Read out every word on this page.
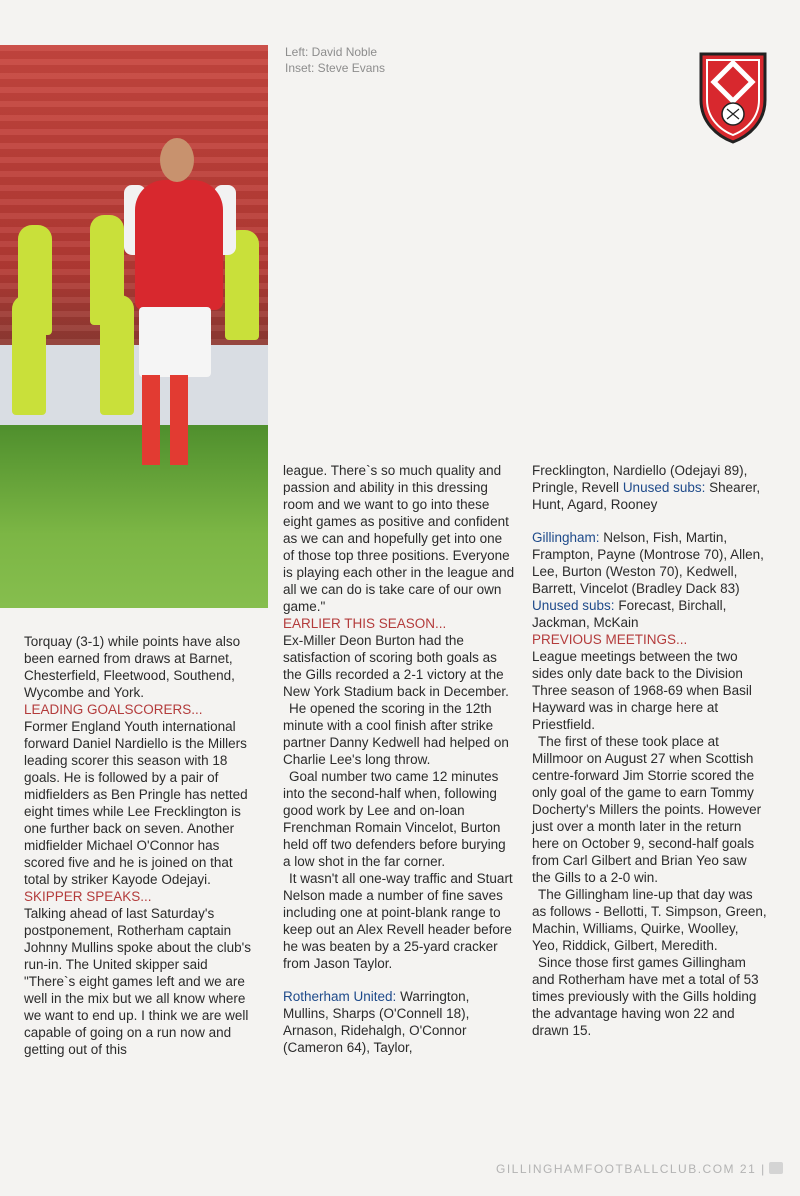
Left: David Noble
Inset: Steve Evans

league. There`s so much quality and passion and ability in this dressing room and we want to go into these eight games as positive and confident as we can and hopefully get into one of those top three positions. Everyone is playing each other in the league and all we can do is take care of our own game."

EARLIER THIS SEASON...

Ex-Miller Deon Burton had the satisfaction of scoring both goals as the Gills recorded a 2-1 victory at the New York Stadium back in December.

He opened the scoring in the 12th minute with a cool finish after strike partner Danny Kedwell had helped on Charlie Lee's long throw.

Goal number two came 12 minutes into the second-half when, following good work by Lee and on-loan Frenchman Romain Vincelot, Burton held off two defenders before burying a low shot in the far corner.

It wasn't all one-way traffic and Stuart Nelson made a number of fine saves including one at point-blank range to keep out an Alex Revell header before he was beaten by a 25-yard cracker from Jason Taylor.

Rotherham United: Warrington, Mullins, Sharps (O'Connell 18), Arnason, Ridehalgh, O'Connor (Cameron 64), Taylor,

Torquay (3-1) while points have also been earned from draws at Barnet, Chesterfield, Fleetwood, Southend, Wycombe and York.

LEADING GOALSCORERS...

Former England Youth international forward Daniel Nardiello is the Millers leading scorer this season with 18 goals. He is followed by a pair of midfielders as Ben Pringle has netted eight times while Lee Frecklington is one further back on seven. Another midfielder Michael O'Connor has scored five and he is joined on that total by striker Kayode Odejayi.

SKIPPER SPEAKS...

Talking ahead of last Saturday's postponement, Rotherham captain Johnny Mullins spoke about the club's run-in. The United skipper said "There`s eight games left and we are well in the mix but we all know where we want to end up. I think we are well capable of going on a run now and getting out of this

Frecklington, Nardiello (Odejayi 89), Pringle, Revell Unused subs: Shearer, Hunt, Agard, Rooney

Gillingham: Nelson, Fish, Martin, Frampton, Payne (Montrose 70), Allen, Lee, Burton (Weston 70), Kedwell, Barrett, Vincelot (Bradley Dack 83) Unused subs: Forecast, Birchall, Jackman, McKain

PREVIOUS MEETINGS...

League meetings between the two sides only date back to the Division Three season of 1968-69 when Basil Hayward was in charge here at Priestfield.

The first of these took place at Millmoor on August 27 when Scottish centre-forward Jim Storrie scored the only goal of the game to earn Tommy Docherty's Millers the points. However just over a month later in the return here on October 9, second-half goals from Carl Gilbert and Brian Yeo saw the Gills to a 2-0 win.

The Gillingham line-up that day was as follows - Bellotti, T. Simpson, Green, Machin, Williams, Quirke, Woolley, Yeo, Riddick, Gilbert, Meredith.

Since those first games Gillingham and Rotherham have met a total of 53 times previously with the Gills holding the advantage having won 22 and drawn 15.

GILLINGHAMFOOTBALLCLUB.COM 21 |
